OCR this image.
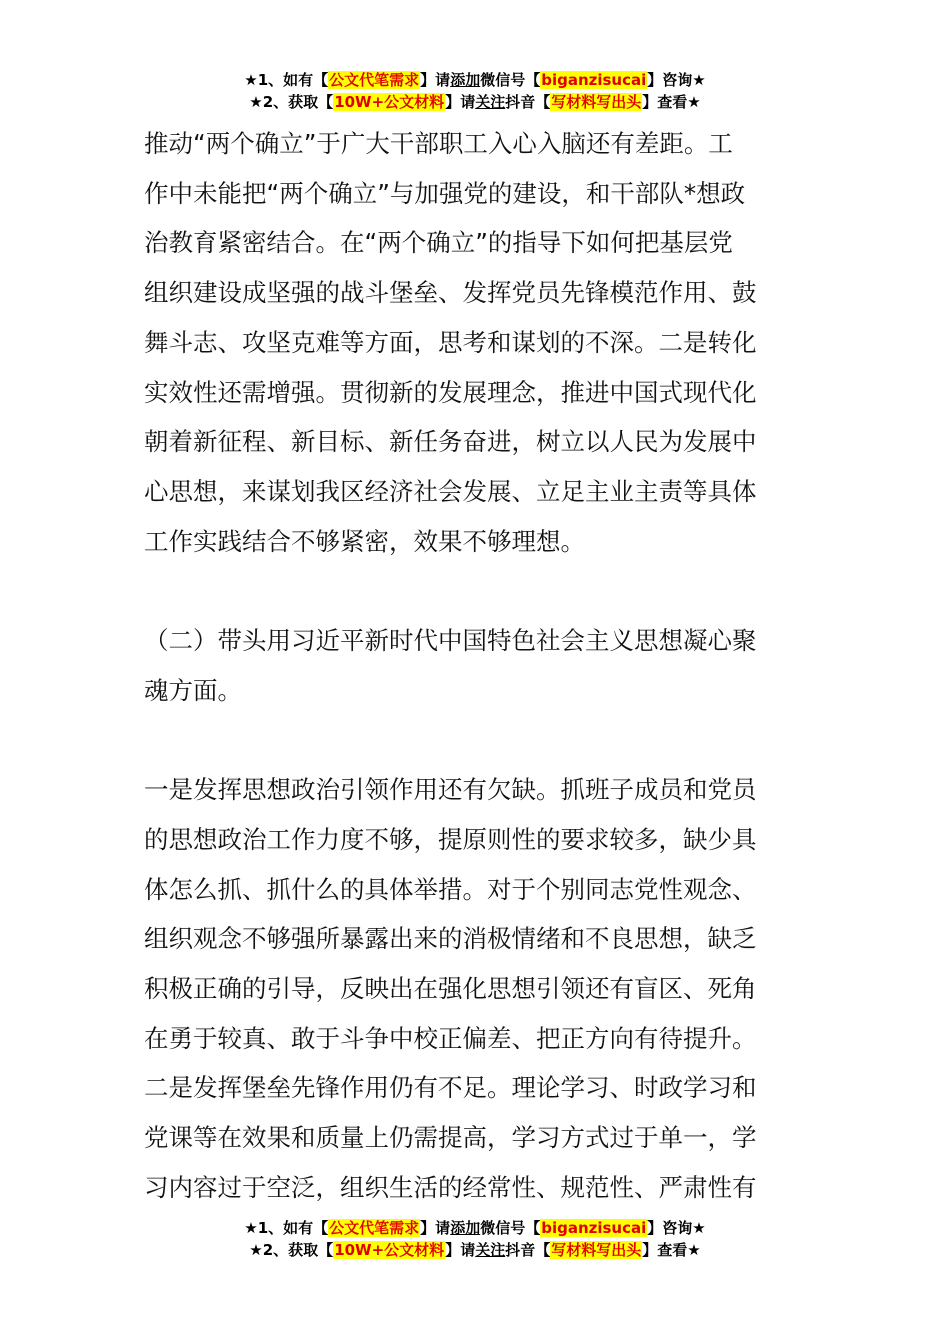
★1、如有【公文代笔需求】请添加微信号【biganzisucai】咨询★
★2、获取【10W+公文材料】请关注抖音【写材料写出头】查看★

推动“两个确立”于广大干部职工入心入脑还有差距。工

作中未能把“两个确立”与加强党的建设，和干部队*想政

治教育紧密结合。在“两个确立”的指导下如何把基层党

组织建设成坚强的战斗堡垒、发挥党员先锋模范作用、鼓

舞斗志、攻坚克难等方面，思考和谋划的不深。二是转化

实效性还需增强。贯彻新的发展理念，推进中国式现代化

朝着新征程、新目标、新任务奋进，树立以人民为发展中

心思想，来谋划我区经济社会发展、立足主业主责等具体

工作实践结合不够紧密，效果不够理想。

（二）带头用习近平新时代中国特色社会主义思想凝心聚

魂方面。

一是发挥思想政治引领作用还有欠缺。抓班子成员和党员

的思想政治工作力度不够，提原则性的要求较多，缺少具

体怎么抓、抓什么的具体举措。对于个别同志党性观念、

组织观念不够强所暴露出来的消极情绪和不良思想，缺乏

积极正确的引导，反映出在强化思想引领还有盲区、死角

在勇于较真、敢于斗争中校正偏差、把正方向有待提升。

二是发挥堡垒先锋作用仍有不足。理论学习、时政学习和

党课等在效果和质量上仍需提高，学习方式过于单一，学

习内容过于空泛，组织生活的经常性、规范性、严肃性有

★1、如有【公文代笔需求】请添加微信号【biganzisucai】咨询★
★2、获取【10W+公文材料】请关注抖音【写材料写出头】查看★
